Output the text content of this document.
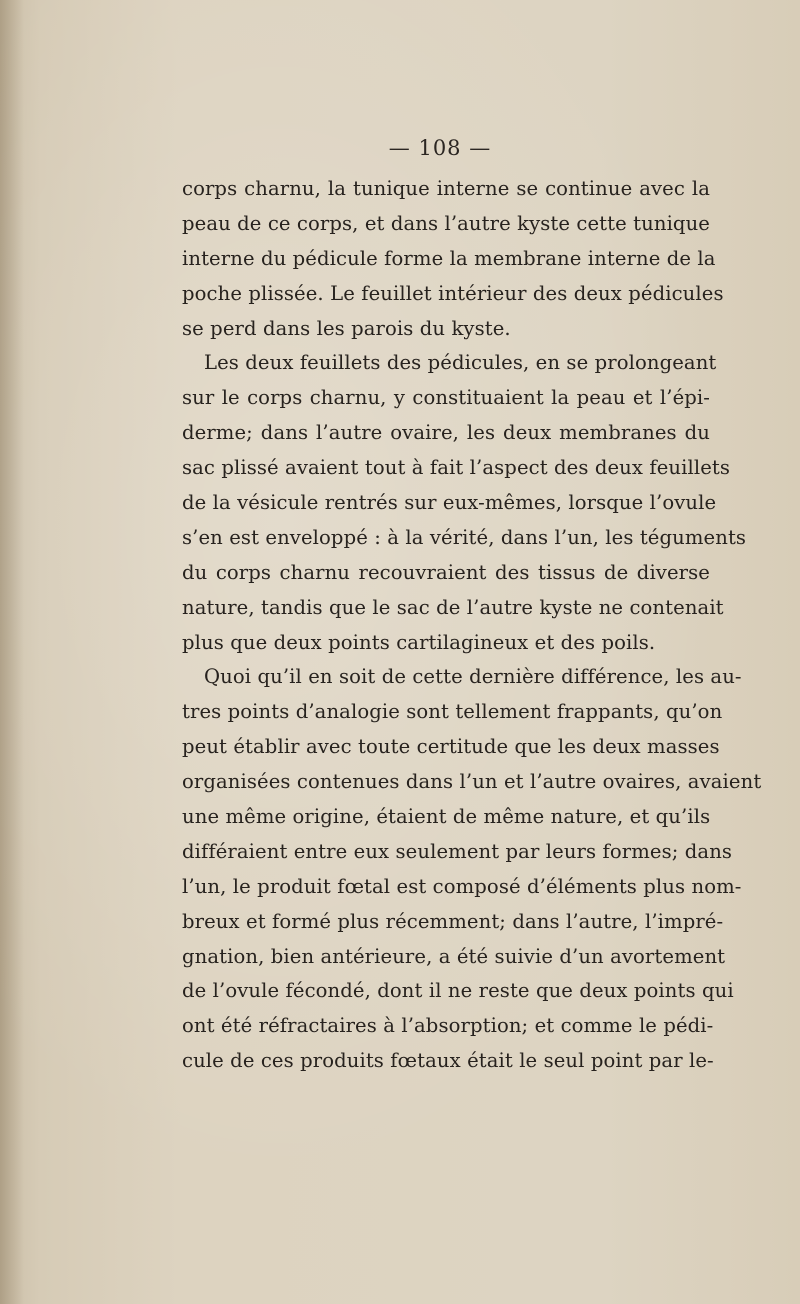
— 108 —
corps charnu, la tunique interne se continue avec la
peau de ce corps, et dans l’autre kyste cette tunique
interne du pédicule forme la membrane interne de la
poche plissée. Le feuillet intérieur des deux pédicules
se perd dans les parois du kyste.
Les deux feuillets des pédicules, en se prolongeant
sur le corps charnu, y constituaient la peau et l’épi-
derme; dans l’autre ovaire, les deux membranes du
sac plissé avaient tout à fait l’aspect des deux feuillets
de la vésicule rentrés sur eux-mêmes, lorsque l’ovule
s’en est enveloppé : à la vérité, dans l’un, les téguments
du corps charnu recouvraient des tissus de diverse
nature, tandis que le sac de l’autre kyste ne contenait
plus que deux points cartilagineux et des poils.
Quoi qu’il en soit de cette dernière différence, les au-
tres points d’analogie sont tellement frappants, qu’on
peut établir avec toute certitude que les deux masses
organisées contenues dans l’un et l’autre ovaires, avaient
une même origine, étaient de même nature, et qu’ils
différaient entre eux seulement par leurs formes; dans
l’un, le produit fœtal est composé d’éléments plus nom-
breux et formé plus récemment; dans l’autre, l’impré-
gnation, bien antérieure, a été suivie d’un avortement
de l’ovule fécondé, dont il ne reste que deux points qui
ont été réfractaires à l’absorption; et comme le pédi-
cule de ces produits fœtaux était le seul point par le-
